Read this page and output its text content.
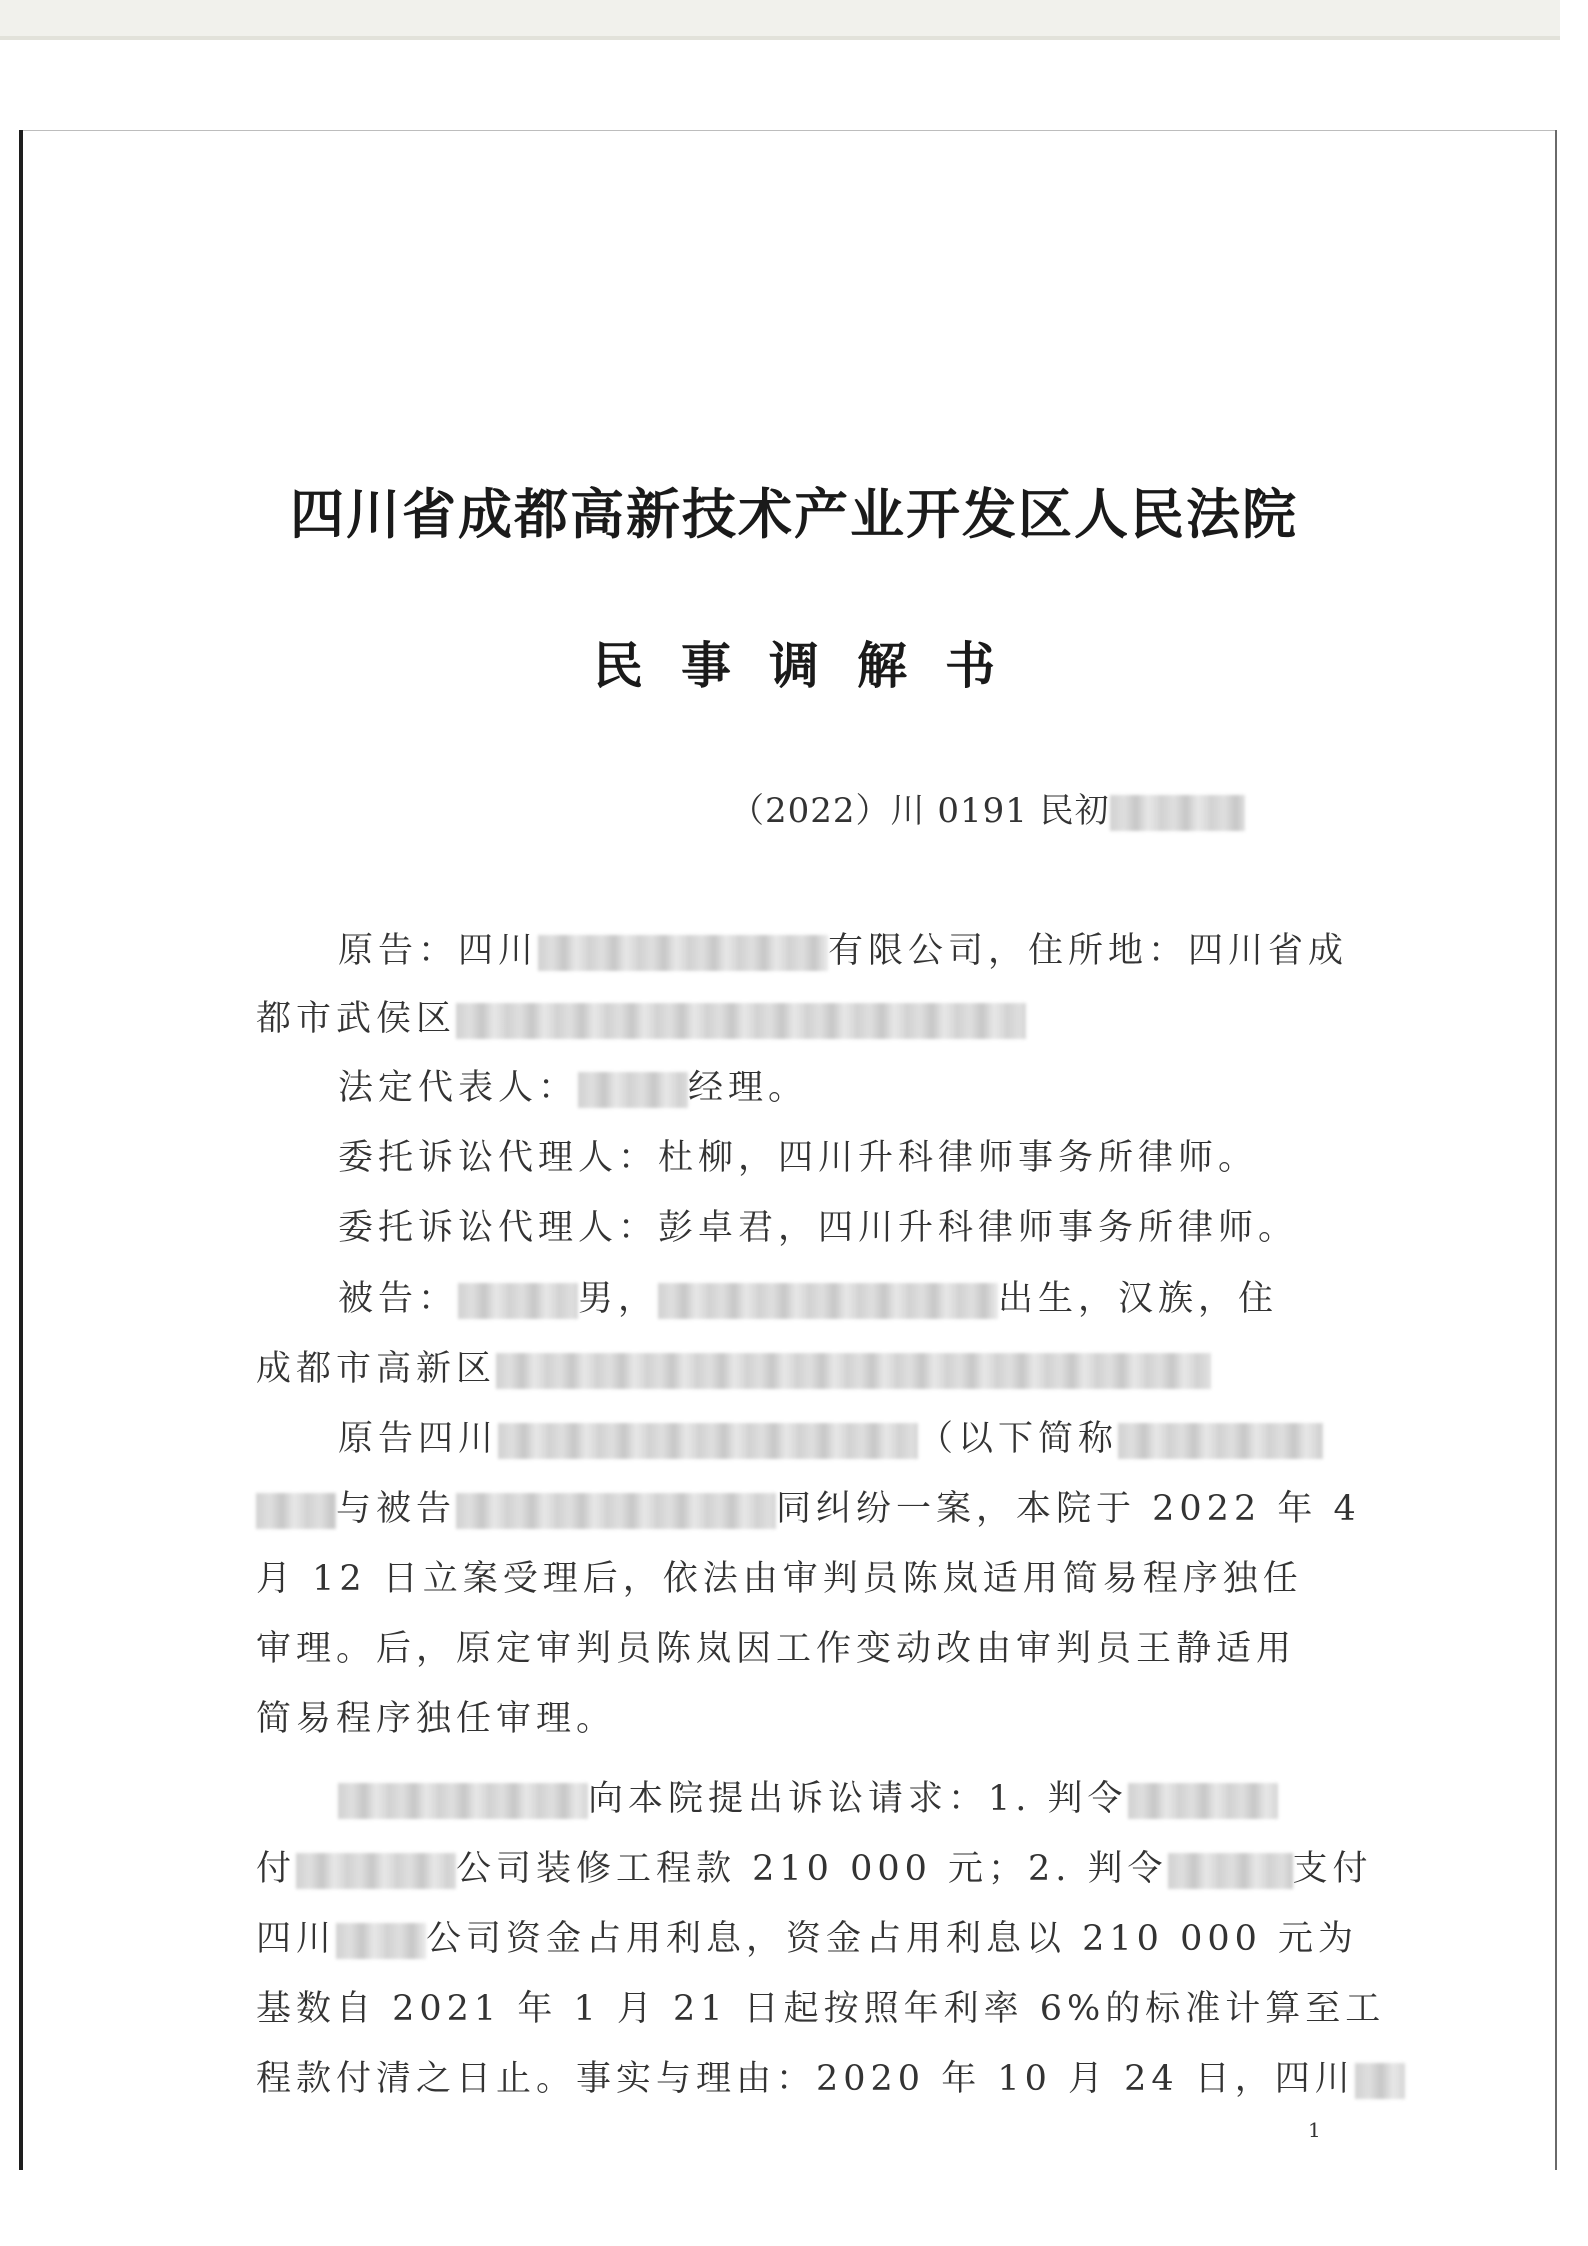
四川省成都高新技术产业开发区人民法院
民事调解书
（2022）川 0191 民初
原告：四川	有限公司，住所地：四川省成
都市武侯区
法定代表人：	经理。
委托诉讼代理人：杜柳，四川升科律师事务所律师。
委托诉讼代理人：彭卓君，四川升科律师事务所律师。
被告：	男，	出生，汉族，住
成都市高新区
原告四川	（以下简称
与被告	同纠纷一案，本院于 2022 年 4
月 12 日立案受理后，依法由审判员陈岚适用简易程序独任
审理。后，原定审判员陈岚因工作变动改由审判员王静适用
简易程序独任审理。
向本院提出诉讼请求：1. 判令
付	公司装修工程款 210 000 元；2. 判令	支付
四川	公司资金占用利息，资金占用利息以 210 000 元为
基数自 2021 年 1 月 21 日起按照年利率 6%的标准计算至工
程款付清之日止。事实与理由：2020 年 10 月 24 日，四川
1
